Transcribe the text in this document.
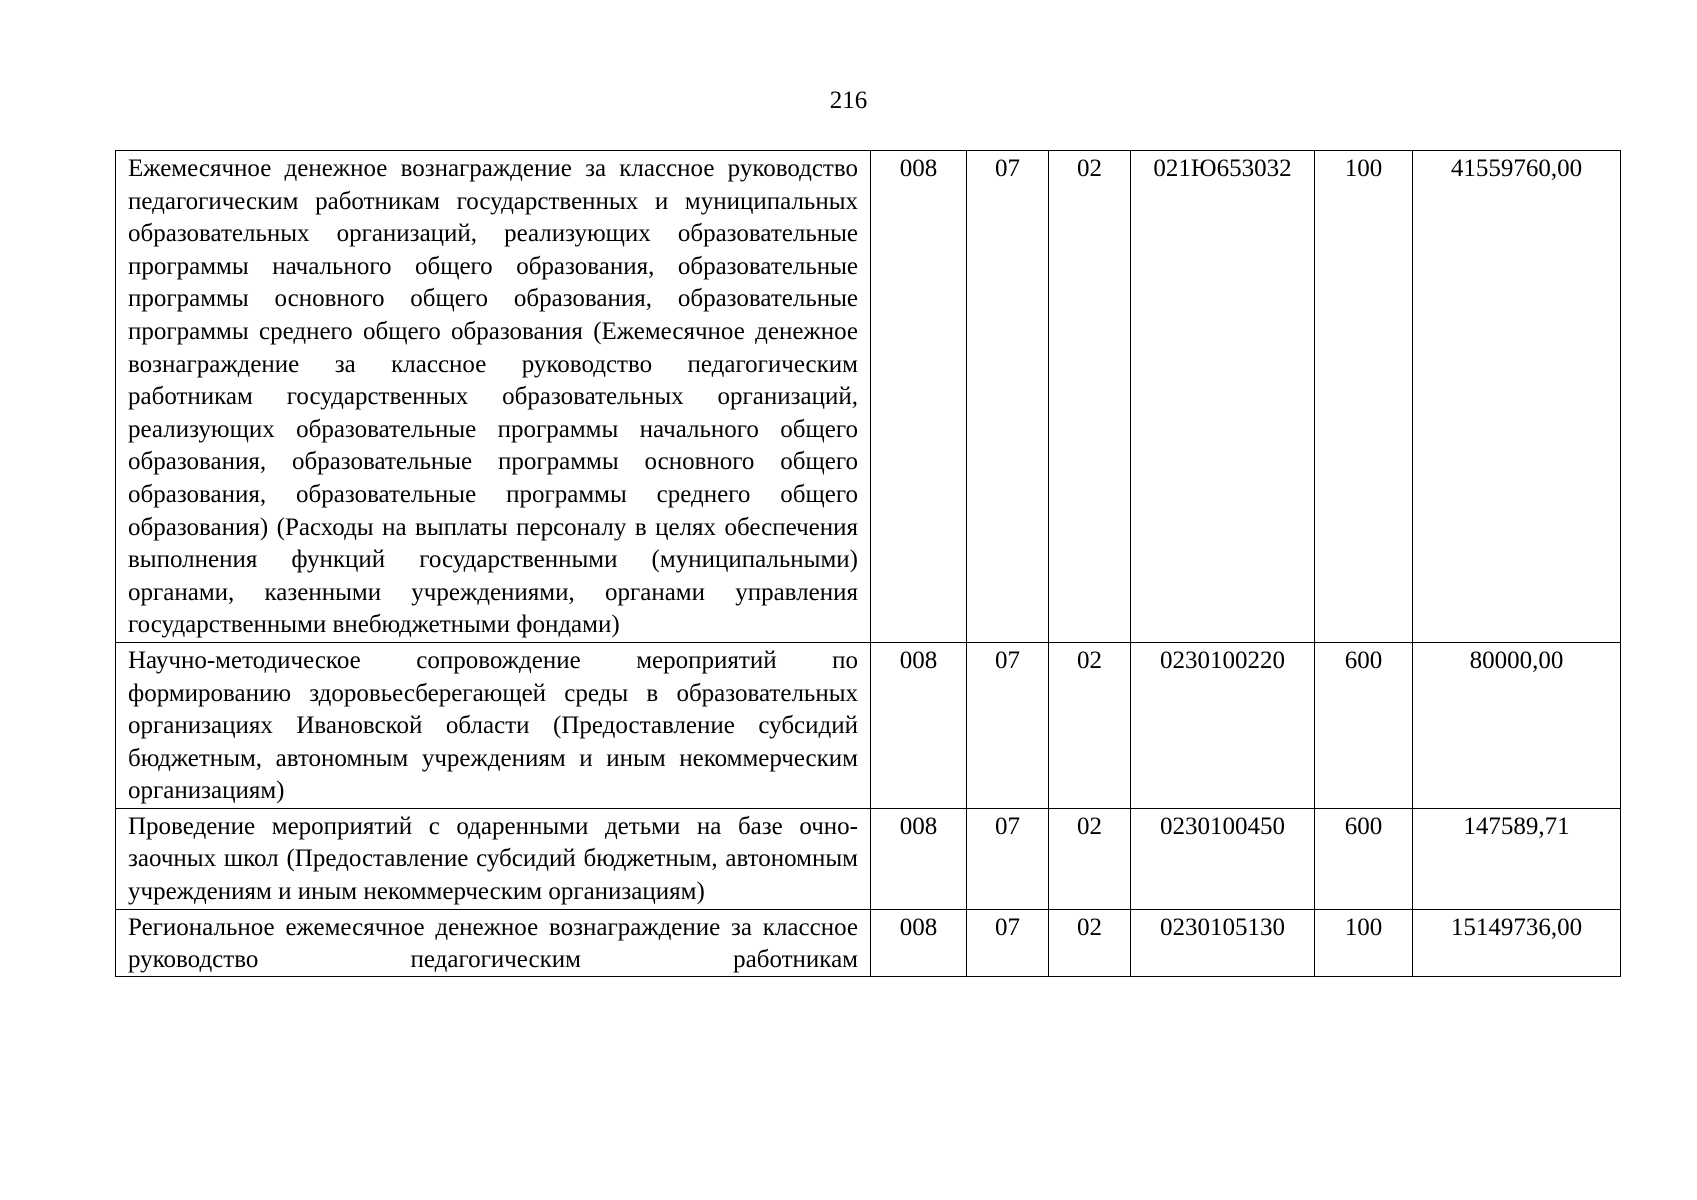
216
Ежемесячное денежное вознаграждение за классное руководство педагогическим работникам государственных и муниципальных образовательных организаций, реализующих образовательные программы начального общего образования, образовательные программы основного общего образования, образовательные программы среднего общего образования (Ежемесячное денежное вознаграждение за классное руководство педагогическим работникам государственных образовательных организаций, реализующих образовательные программы начального общего образования, образовательные программы основного общего образования, образовательные программы среднего общего образования) (Расходы на выплаты персоналу в целях обеспечения выполнения функций государственными (муниципальными) органами, казенными учреждениями, органами управления государственными внебюджетными фондами)	008	07	02	021Ю653032	100	41559760,00
Научно-методическое сопровождение мероприятий по формированию здоровьесберегающей среды в образовательных организациях Ивановской области (Предоставление субсидий бюджетным, автономным учреждениям и иным некоммерческим организациям)	008	07	02	0230100220	600	80000,00
Проведение мероприятий с одаренными детьми на базе очно-заочных школ (Предоставление субсидий бюджетным, автономным учреждениям и иным некоммерческим организациям)	008	07	02	0230100450	600	147589,71

Региональное ежемесячное денежное вознаграждение за классное руководство педагогическим работникам	008	07	02	0230105130	100	15149736,00
